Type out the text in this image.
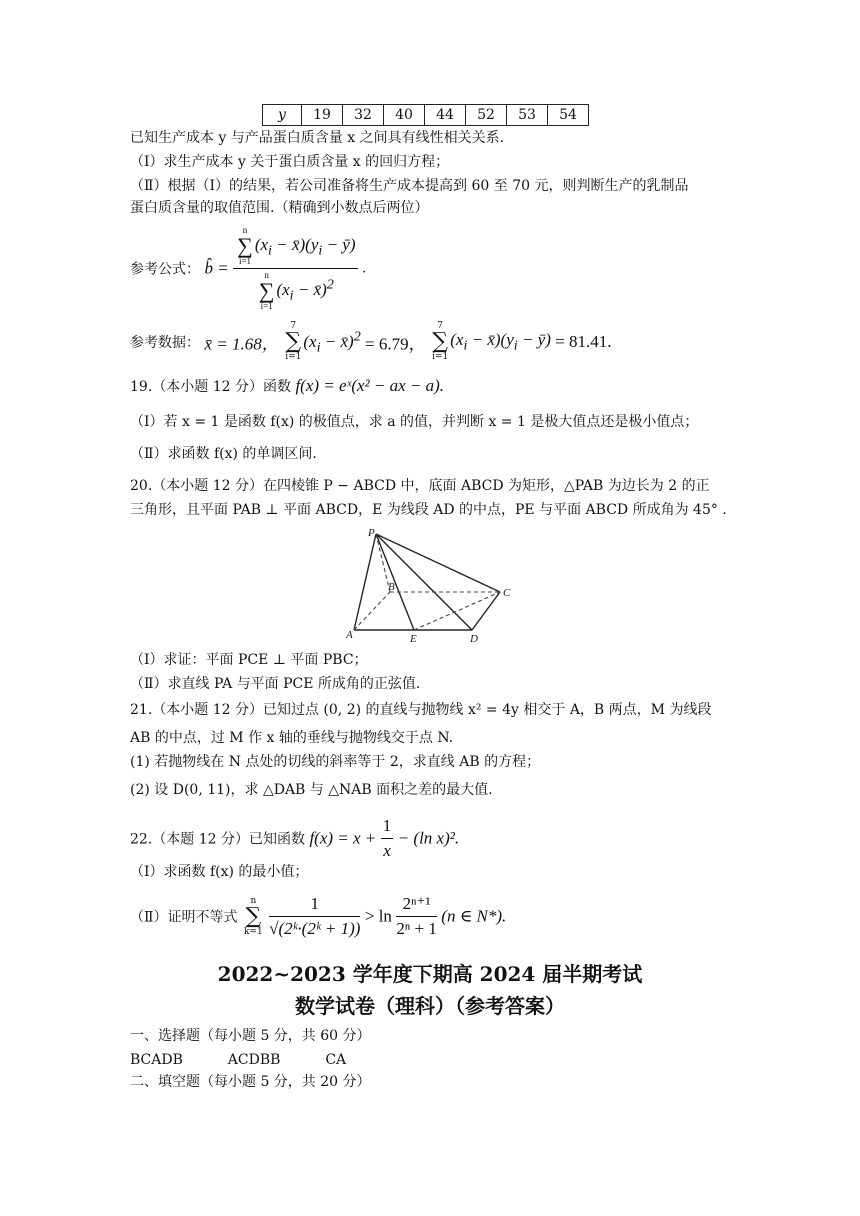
y	19	32	40	44	52	53	54
已知生产成本 y 与产品蛋白质含量 x 之间具有线性相关关系.
（Ⅰ）求生产成本 y 关于蛋白质含量 x 的回归方程；
（Ⅱ）根据（Ⅰ）的结果，若公司准备将生产成本提高到 60 至 70 元，则判断生产的乳制品
蛋白质含量的取值范围.（精确到小数点后两位）
参考公式： b̂ = n
∑
i=1
($x_i$ − $x̄)(y_i$ − ȳ)
n
∑
i=1
($x_i$ − x̄)$^2$ .
参考数据： x̄ = 1.68，
7
∑
i=1
($x_i$ − x̄)$^2$ = 6.79，
7
∑
i=1
($x_i$ − $x̄)(y_i$ − ȳ) = 81.41.
19.（本小题 12 分）函数 f(x) = eˣ(x² − ax − a).
（Ⅰ）若 x = 1 是函数 f(x) 的极值点，求 a 的值，并判断 x = 1 是极大值点还是极小值点；
（Ⅱ）求函数 f(x) 的单调区间.
20.（本小题 12 分）在四棱锥 P − ABCD 中，底面 ABCD 为矩形，△PAB 为边长为 2 的正
三角形，且平面 PAB ⊥ 平面 ABCD，E 为线段 AD 的中点，PE 与平面 ABCD 所成角为 45° .
P
B	C
A	E	D
（Ⅰ）求证：平面 PCE ⊥ 平面 PBC；
（Ⅱ）求直线 PA 与平面 PCE 所成角的正弦值.
21.（本小题 12 分）已知过点 (0, 2) 的直线与抛物线 x² = 4y 相交于 A，B 两点，M 为线段
AB 的中点，过 M 作 x 轴的垂线与抛物线交于点 N.
(1) 若抛物线在 N 点处的切线的斜率等于 2，求直线 AB 的方程；
(2) 设 D(0, 11)，求 △DAB 与 △NAB 面积之差的最大值.
22.（本题 12 分）已知函数 $f(x) = x + \frac{1}{x} - (\ln$ x)².
（Ⅰ）求函数 f(x) 的最小值；
（Ⅱ）证明不等式
n
∑
k=1
$\frac{1}{\text{√(2ᵏ·(2ᵏ + 1))}} > \ln \frac{\text{2ⁿ⁺¹}}{\text{2ⁿ + 1}} (n$ ∈ N*).
2022~2023 学年度下期高 2024 届半期考试
数学试卷（理科）（参考答案）
一、选择题（每小题 5 分，共 60 分）
BCADB	ACDBB	CA
二、填空题（每小题 5 分，共 20 分）
